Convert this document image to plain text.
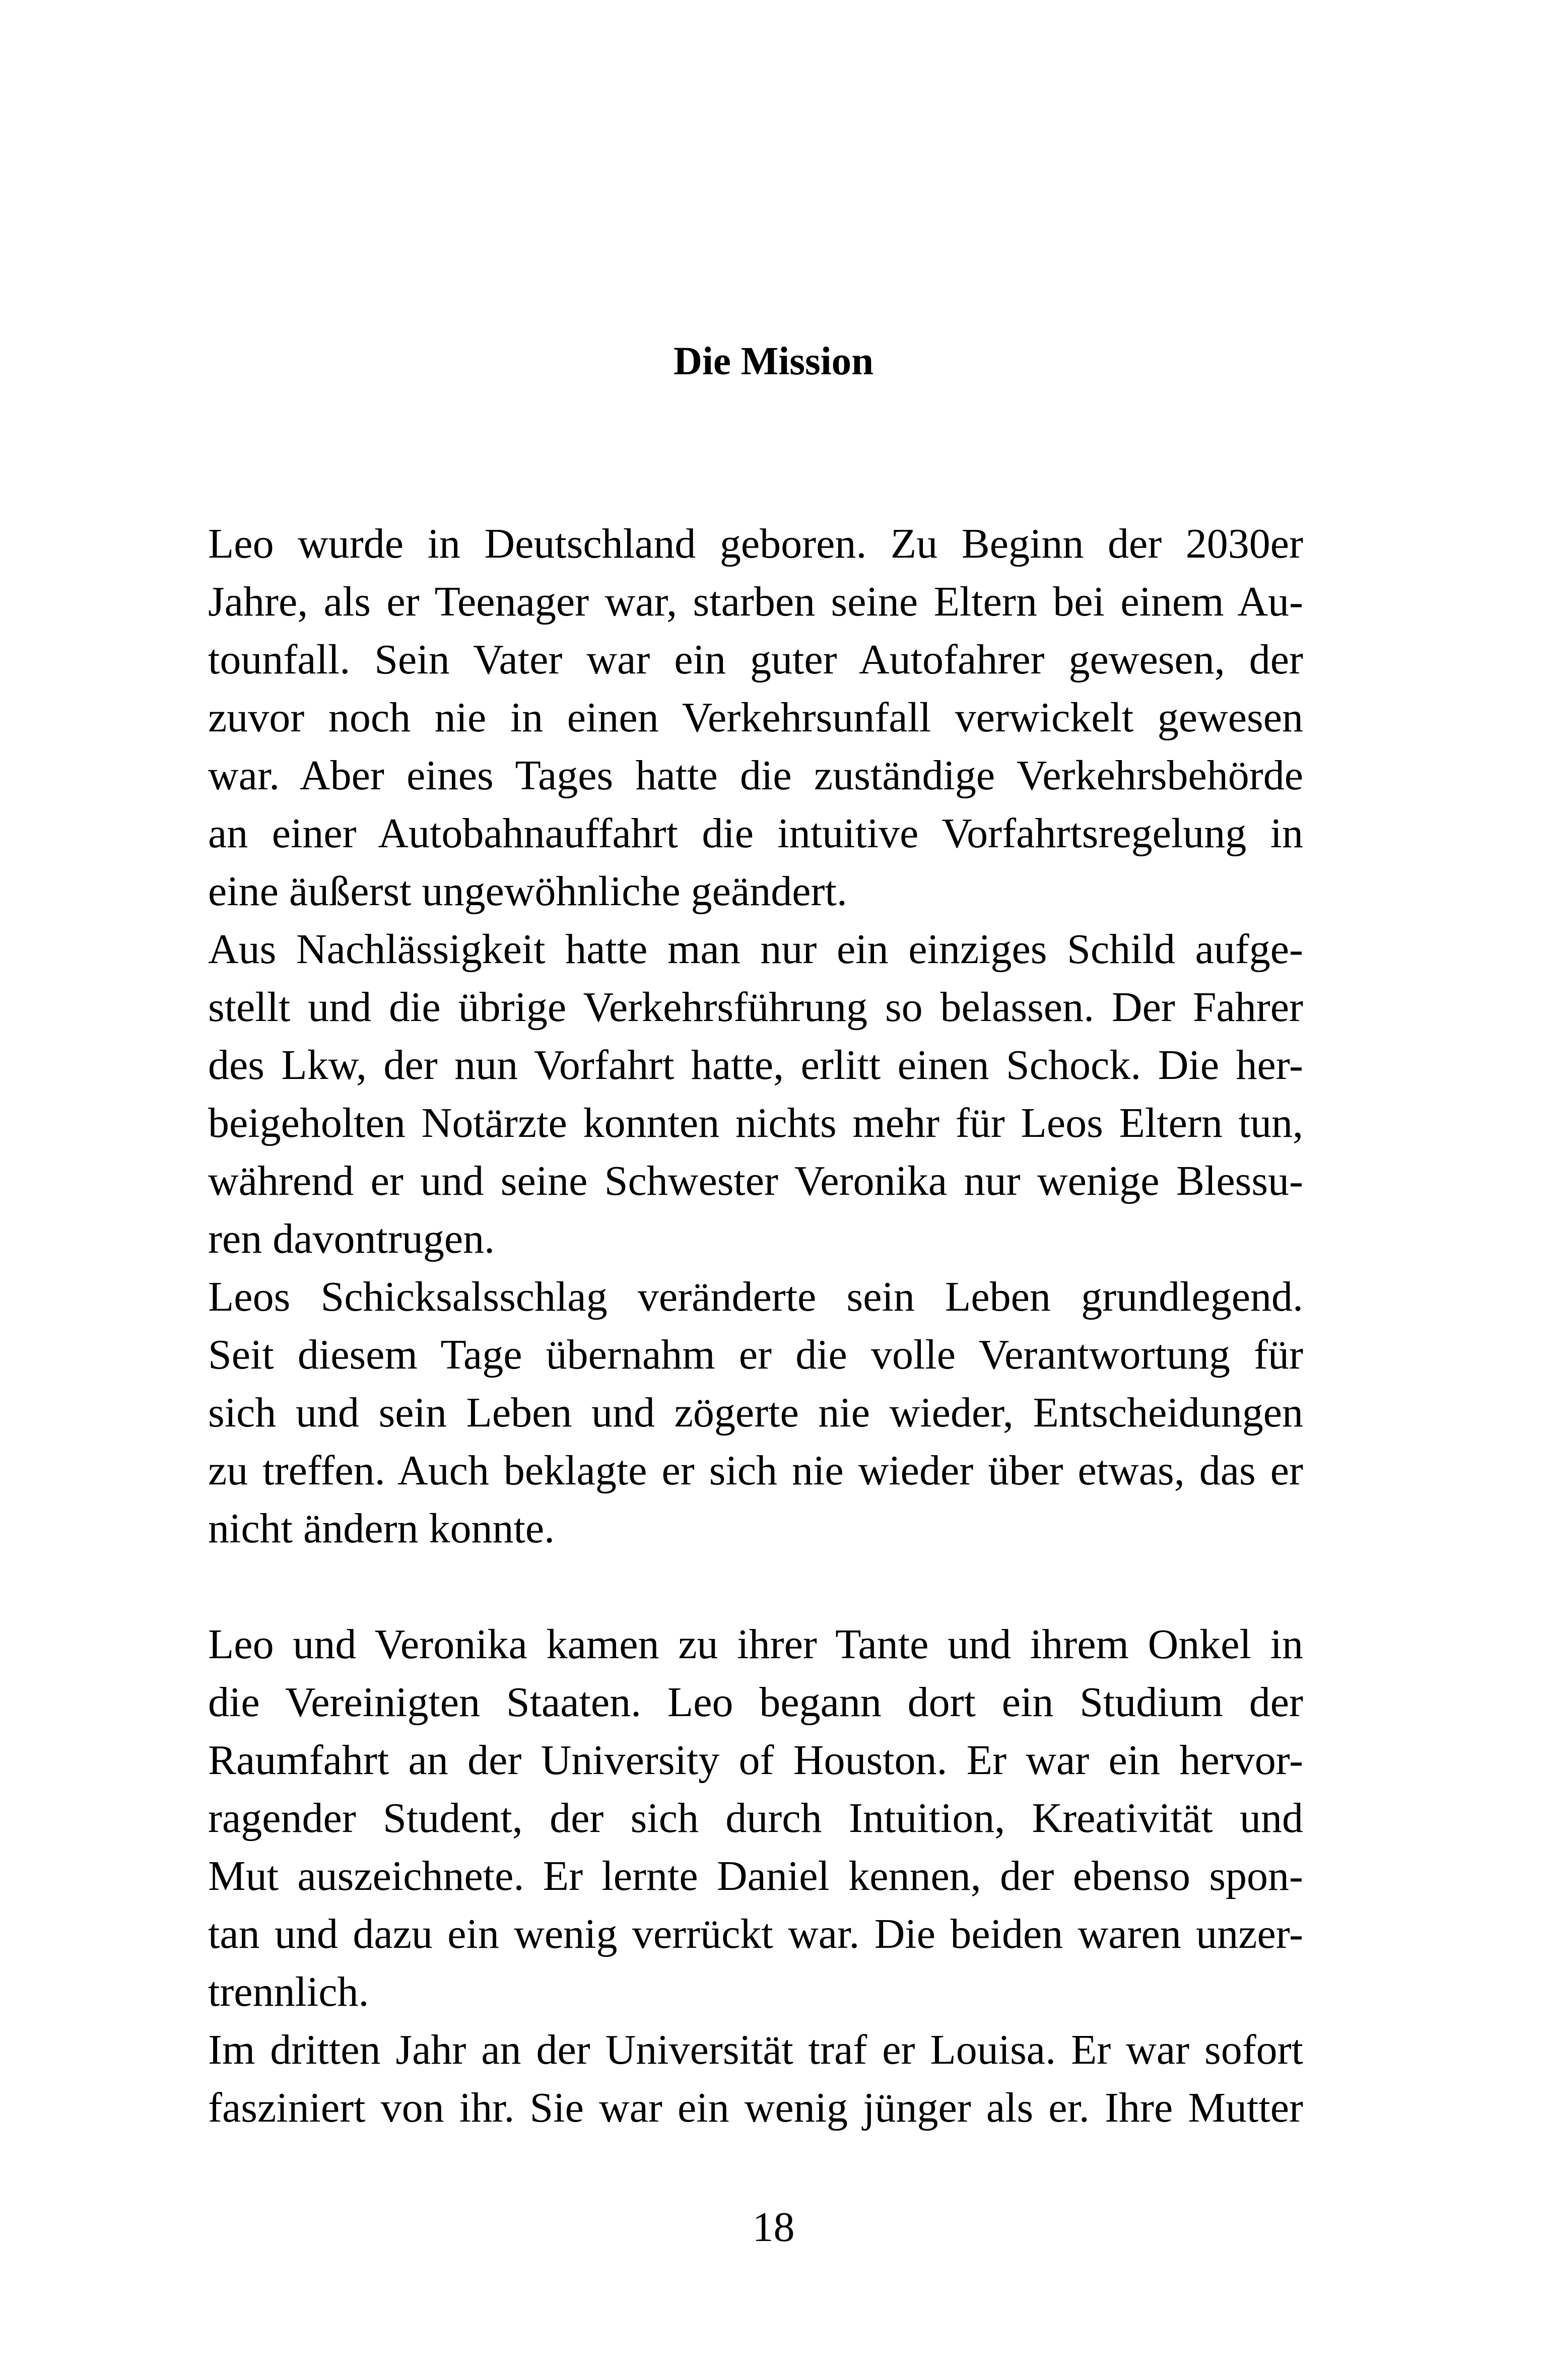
Die Mission
Leo wurde in Deutschland geboren. Zu Beginn der 2030er
Jahre, als er Teenager war, starben seine Eltern bei einem Au-
tounfall. Sein Vater war ein guter Autofahrer gewesen, der
zuvor noch nie in einen Verkehrsunfall verwickelt gewesen
war. Aber eines Tages hatte die zuständige Verkehrsbehörde
an einer Autobahnauffahrt die intuitive Vorfahrtsregelung in
eine äußerst ungewöhnliche geändert.
Aus Nachlässigkeit hatte man nur ein einziges Schild aufge-
stellt und die übrige Verkehrsführung so belassen. Der Fahrer
des Lkw, der nun Vorfahrt hatte, erlitt einen Schock. Die her-
beigeholten Notärzte konnten nichts mehr für Leos Eltern tun,
während er und seine Schwester Veronika nur wenige Blessu-
ren davontrugen.
Leos Schicksalsschlag veränderte sein Leben grundlegend.
Seit diesem Tage übernahm er die volle Verantwortung für
sich und sein Leben und zögerte nie wieder, Entscheidungen
zu treffen. Auch beklagte er sich nie wieder über etwas, das er
nicht ändern konnte.
Leo und Veronika kamen zu ihrer Tante und ihrem Onkel in
die Vereinigten Staaten. Leo begann dort ein Studium der
Raumfahrt an der University of Houston. Er war ein hervor-
ragender Student, der sich durch Intuition, Kreativität und
Mut auszeichnete. Er lernte Daniel kennen, der ebenso spon-
tan und dazu ein wenig verrückt war. Die beiden waren unzer-
trennlich.
Im dritten Jahr an der Universität traf er Louisa. Er war sofort
fasziniert von ihr. Sie war ein wenig jünger als er. Ihre Mutter
18
